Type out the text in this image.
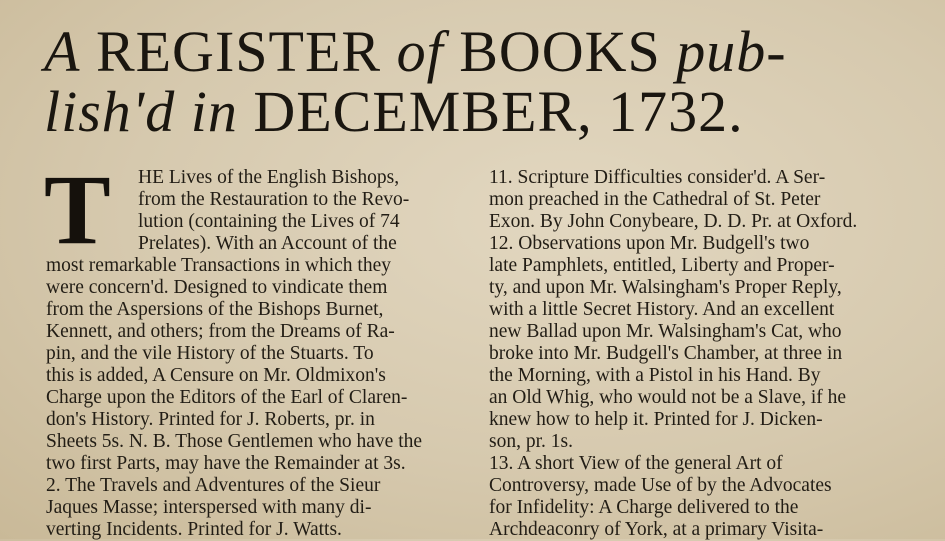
A REGISTER of BOOKS pub-
lish'd in DECEMBER, 1732.
T	HE Lives of the English Bishops,
from the Restauration to the Revo-
lution (containing the Lives of 74
Prelates). With an Account of the
most remarkable Transactions in which they
were concern'd. Designed to vindicate them
from the Aspersions of the Bishops Burnet,
Kennett, and others; from the Dreams of Ra-
pin, and the vile History of the Stuarts. To
this is added, A Censure on Mr. Oldmixon's
Charge upon the Editors of the Earl of Claren-
don's History. Printed for J. Roberts, pr. in
Sheets 5s. N. B. Those Gentlemen who have the
two first Parts, may have the Remainder at 3s.
2. The Travels and Adventures of the Sieur
Jaques Masse; interspersed with many di-
verting Incidents. Printed for J. Watts.
11. Scripture Difficulties consider'd. A Ser-
mon preached in the Cathedral of St. Peter
Exon. By John Conybeare, D. D. Pr. at Oxford.
12. Observations upon Mr. Budgell's two
late Pamphlets, entitled, Liberty and Proper-
ty, and upon Mr. Walsingham's Proper Reply,
with a little Secret History. And an excellent
new Ballad upon Mr. Walsingham's Cat, who
broke into Mr. Budgell's Chamber, at three in
the Morning, with a Pistol in his Hand. By
an Old Whig, who would not be a Slave, if he
knew how to help it. Printed for J. Dicken-
son, pr. 1s.
13. A short View of the general Art of
Controversy, made Use of by the Advocates
for Infidelity: A Charge delivered to the
Archdeaconry of York, at a primary Visita-
